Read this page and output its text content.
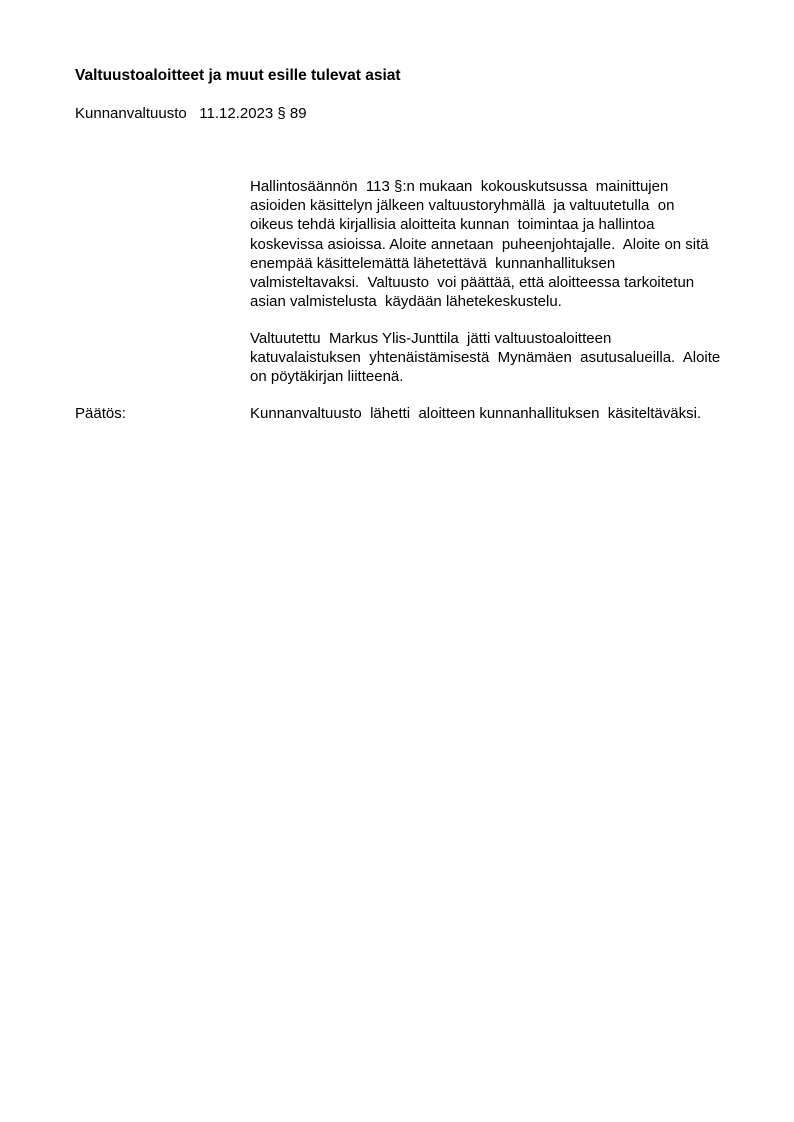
Valtuustoaloitteet ja muut esille tulevat asiat
Kunnanvaltuusto   11.12.2023 § 89
Hallintosäännön  113 §:n mukaan  kokouskutsussa  mainittujen
asioiden käsittelyn jälkeen valtuustoryhmällä  ja valtuutetulla  on
oikeus tehdä kirjallisia aloitteita kunnan  toimintaa ja hallintoa
koskevissa asioissa. Aloite annetaan  puheenjohtajalle.  Aloite on sitä
enempää käsittelemättä lähetettävä  kunnanhallituksen
valmisteltavaksi.  Valtuusto  voi päättää, että aloitteessa tarkoitetun
asian valmistelusta  käydään lähetekeskustelu.
Valtuutettu  Markus Ylis-Junttila  jätti valtuustoaloitteen
katuvalaistuksen  yhtenäistämisestä  Mynämäen  asutusalueilla.  Aloite
on pöytäkirjan liitteenä.
Päätös:	Kunnanvaltuusto  lähetti  aloitteen kunnanhallituksen  käsiteltäväksi.
